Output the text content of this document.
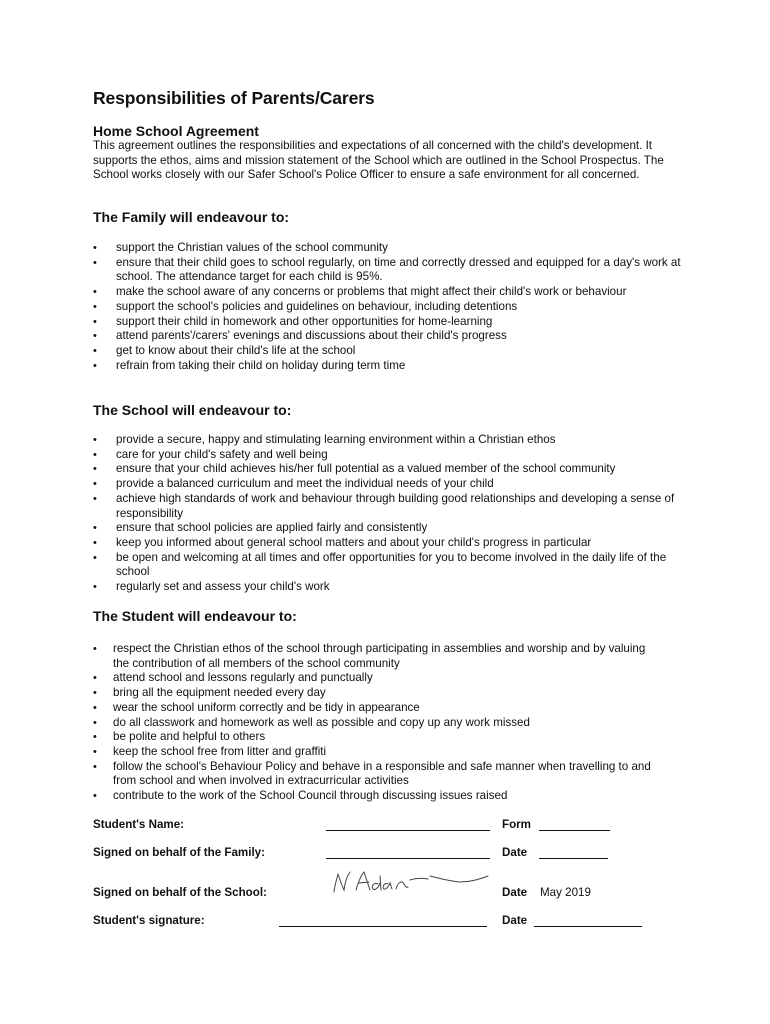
Responsibilities of Parents/Carers
Home School Agreement

This agreement outlines the responsibilities and expectations of all concerned with the child's development. It supports the ethos, aims and mission statement of the School which are outlined in the School Prospectus. The School works closely with our Safer School's Police Officer to ensure a safe environment for all concerned.

The Family will endeavour to:
• support the Christian values of the school community
• ensure that their child goes to school regularly, on time and correctly dressed and equipped for a day's work at school. The attendance target for each child is 95%.
• make the school aware of any concerns or problems that might affect their child's work or behaviour
• support the school's policies and guidelines on behaviour, including detentions
• support their child in homework and other opportunities for home-learning
• attend parents'/carers' evenings and discussions about their child's progress
• get to know about their child's life at the school
• refrain from taking their child on holiday during term time
The School will endeavour to:
• provide a secure, happy and stimulating learning environment within a Christian ethos
• care for your child's safety and well being
• ensure that your child achieves his/her full potential as a valued member of the school community
• provide a balanced curriculum and meet the individual needs of your child
• achieve high standards of work and behaviour through building good relationships and developing a sense of responsibility
• ensure that school policies are applied fairly and consistently
• keep you informed about general school matters and about your child's progress in particular
• be open and welcoming at all times and offer opportunities for you to become involved in the daily life of the school
• regularly set and assess your child's work
The Student will endeavour to:
• respect the Christian ethos of the school through participating in assemblies and worship and by valuing the contribution of all members of the school community
• attend school and lessons regularly and punctually
• bring all the equipment needed every day
• wear the school uniform correctly and be tidy in appearance
• do all classwork and homework as well as possible and copy up any work missed
• be polite and helpful to others
• keep the school free from litter and graffiti
• follow the school's Behaviour Policy and behave in a responsible and safe manner when travelling to and from school and when involved in extracurricular activities
• contribute to the work of the School Council through discussing issues raised
Student's Name:	Form
Signed on behalf of the Family:	Date
Signed on behalf of the School:	Date May 2019
Student's signature:	Date
